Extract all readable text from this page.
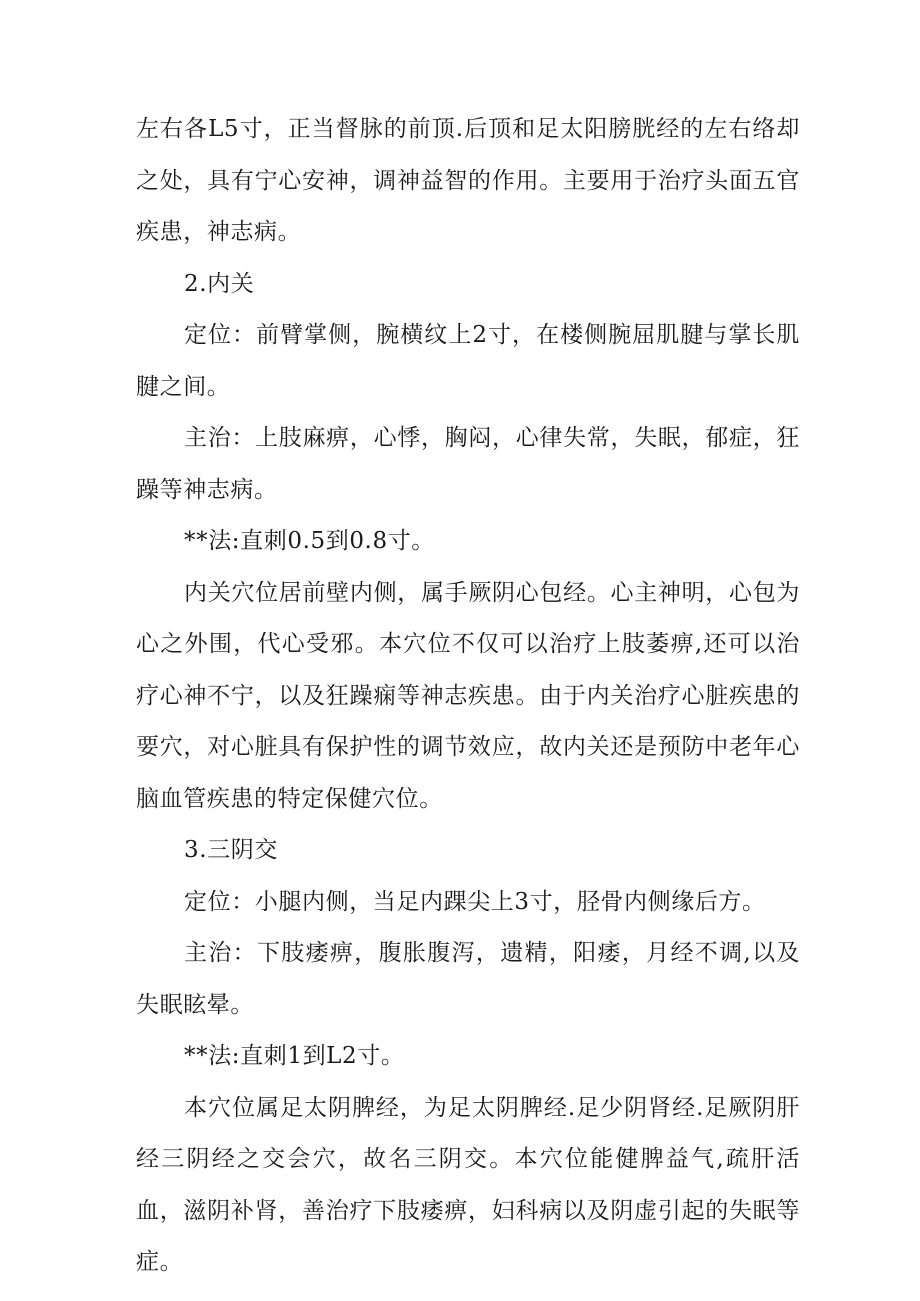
左右各L5寸，正当督脉的前顶.后顶和足太阳膀胱经的左右络却之处，具有宁心安神，调神益智的作用。主要用于治疗头面五官疾患，神志病。

2.内关

定位：前臂掌侧，腕横纹上2寸，在楼侧腕屈肌腱与掌长肌腱之间。

主治：上肢麻痹，心悸，胸闷，心律失常，失眠，郁症，狂躁等神志病。

**法:直刺0.5到0.8寸。

内关穴位居前壁内侧，属手厥阴心包经。心主神明，心包为心之外围，代心受邪。本穴位不仅可以治疗上肢萎痹,还可以治疗心神不宁，以及狂躁痫等神志疾患。由于内关治疗心脏疾患的要穴，对心脏具有保护性的调节效应，故内关还是预防中老年心脑血管疾患的特定保健穴位。

3.三阴交

定位：小腿内侧，当足内踝尖上3寸，胫骨内侧缘后方。

主治：下肢痿痹，腹胀腹泻，遗精，阳痿，月经不调,以及失眠眩晕。

**法:直刺1到L2寸。

本穴位属足太阴脾经，为足太阴脾经.足少阴肾经.足厥阴肝经三阴经之交会穴，故名三阴交。本穴位能健脾益气,疏肝活血，滋阴补肾，善治疗下肢痿痹，妇科病以及阴虚引起的失眠等症。
